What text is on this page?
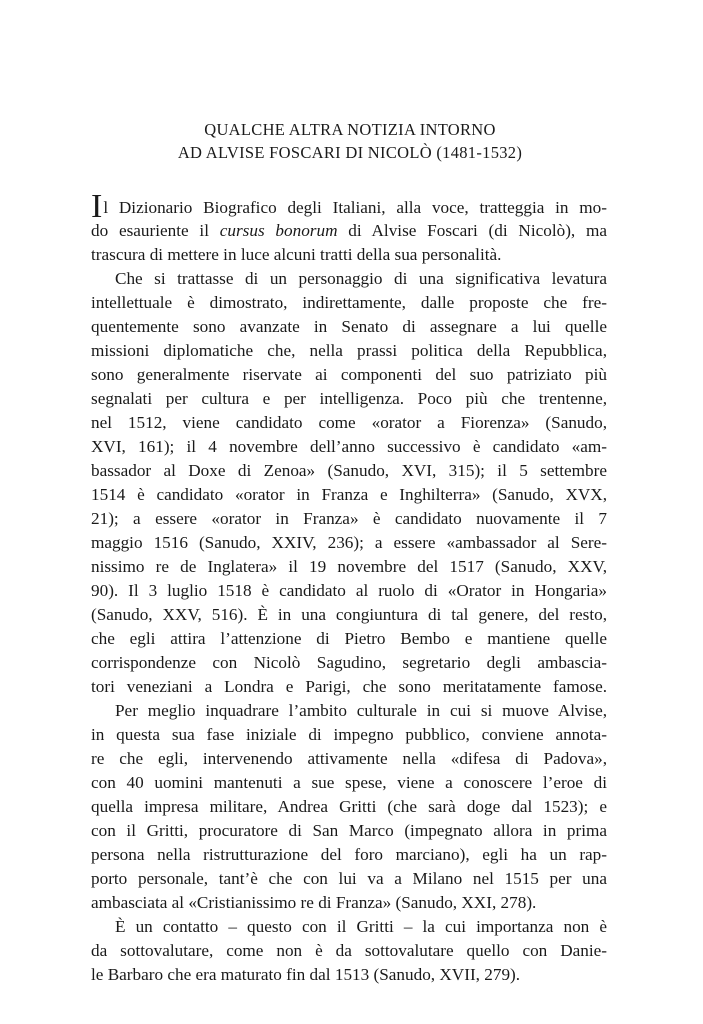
QUALCHE ALTRA NOTIZIA INTORNO
AD ALVISE FOSCARI DI NICOLÒ (1481-1532)
Il Dizionario Biografico degli Italiani, alla voce, tratteggia in mo-
do esauriente il cursus bonorum di Alvise Foscari (di Nicolò), ma
trascura di mettere in luce alcuni tratti della sua personalità.
Che si trattasse di un personaggio di una significativa levatura
intellettuale è dimostrato, indirettamente, dalle proposte che fre-
quentemente sono avanzate in Senato di assegnare a lui quelle
missioni diplomatiche che, nella prassi politica della Repubblica,
sono generalmente riservate ai componenti del suo patriziato più
segnalati per cultura e per intelligenza. Poco più che trentenne,
nel 1512, viene candidato come «orator a Fiorenza» (Sanudo,
XVI, 161); il 4 novembre dell’anno successivo è candidato «am-
bassador al Doxe di Zenoa» (Sanudo, XVI, 315); il 5 settembre
1514 è candidato «orator in Franza e Inghilterra» (Sanudo, XVX,
21); a essere «orator in Franza» è candidato nuovamente il 7
maggio 1516 (Sanudo, XXIV, 236); a essere «ambassador al Sere-
nissimo re de Inglatera» il 19 novembre del 1517 (Sanudo, XXV,
90). Il 3 luglio 1518 è candidato al ruolo di «Orator in Hongaria»
(Sanudo, XXV, 516). È in una congiuntura di tal genere, del resto,
che egli attira l’attenzione di Pietro Bembo e mantiene quelle
corrispondenze con Nicolò Sagudino, segretario degli ambascia-
tori veneziani a Londra e Parigi, che sono meritatamente famose.
Per meglio inquadrare l’ambito culturale in cui si muove Alvise,
in questa sua fase iniziale di impegno pubblico, conviene annota-
re che egli, intervenendo attivamente nella «difesa di Padova»,
con 40 uomini mantenuti a sue spese, viene a conoscere l’eroe di
quella impresa militare, Andrea Gritti (che sarà doge dal 1523); e
con il Gritti, procuratore di San Marco (impegnato allora in prima
persona nella ristrutturazione del foro marciano), egli ha un rap-
porto personale, tant’è che con lui va a Milano nel 1515 per una
ambasciata al «Cristianissimo re di Franza» (Sanudo, XXI, 278).
È un contatto – questo con il Gritti – la cui importanza non è
da sottovalutare, come non è da sottovalutare quello con Danie-
le Barbaro che era maturato fin dal 1513 (Sanudo, XVII, 279).
